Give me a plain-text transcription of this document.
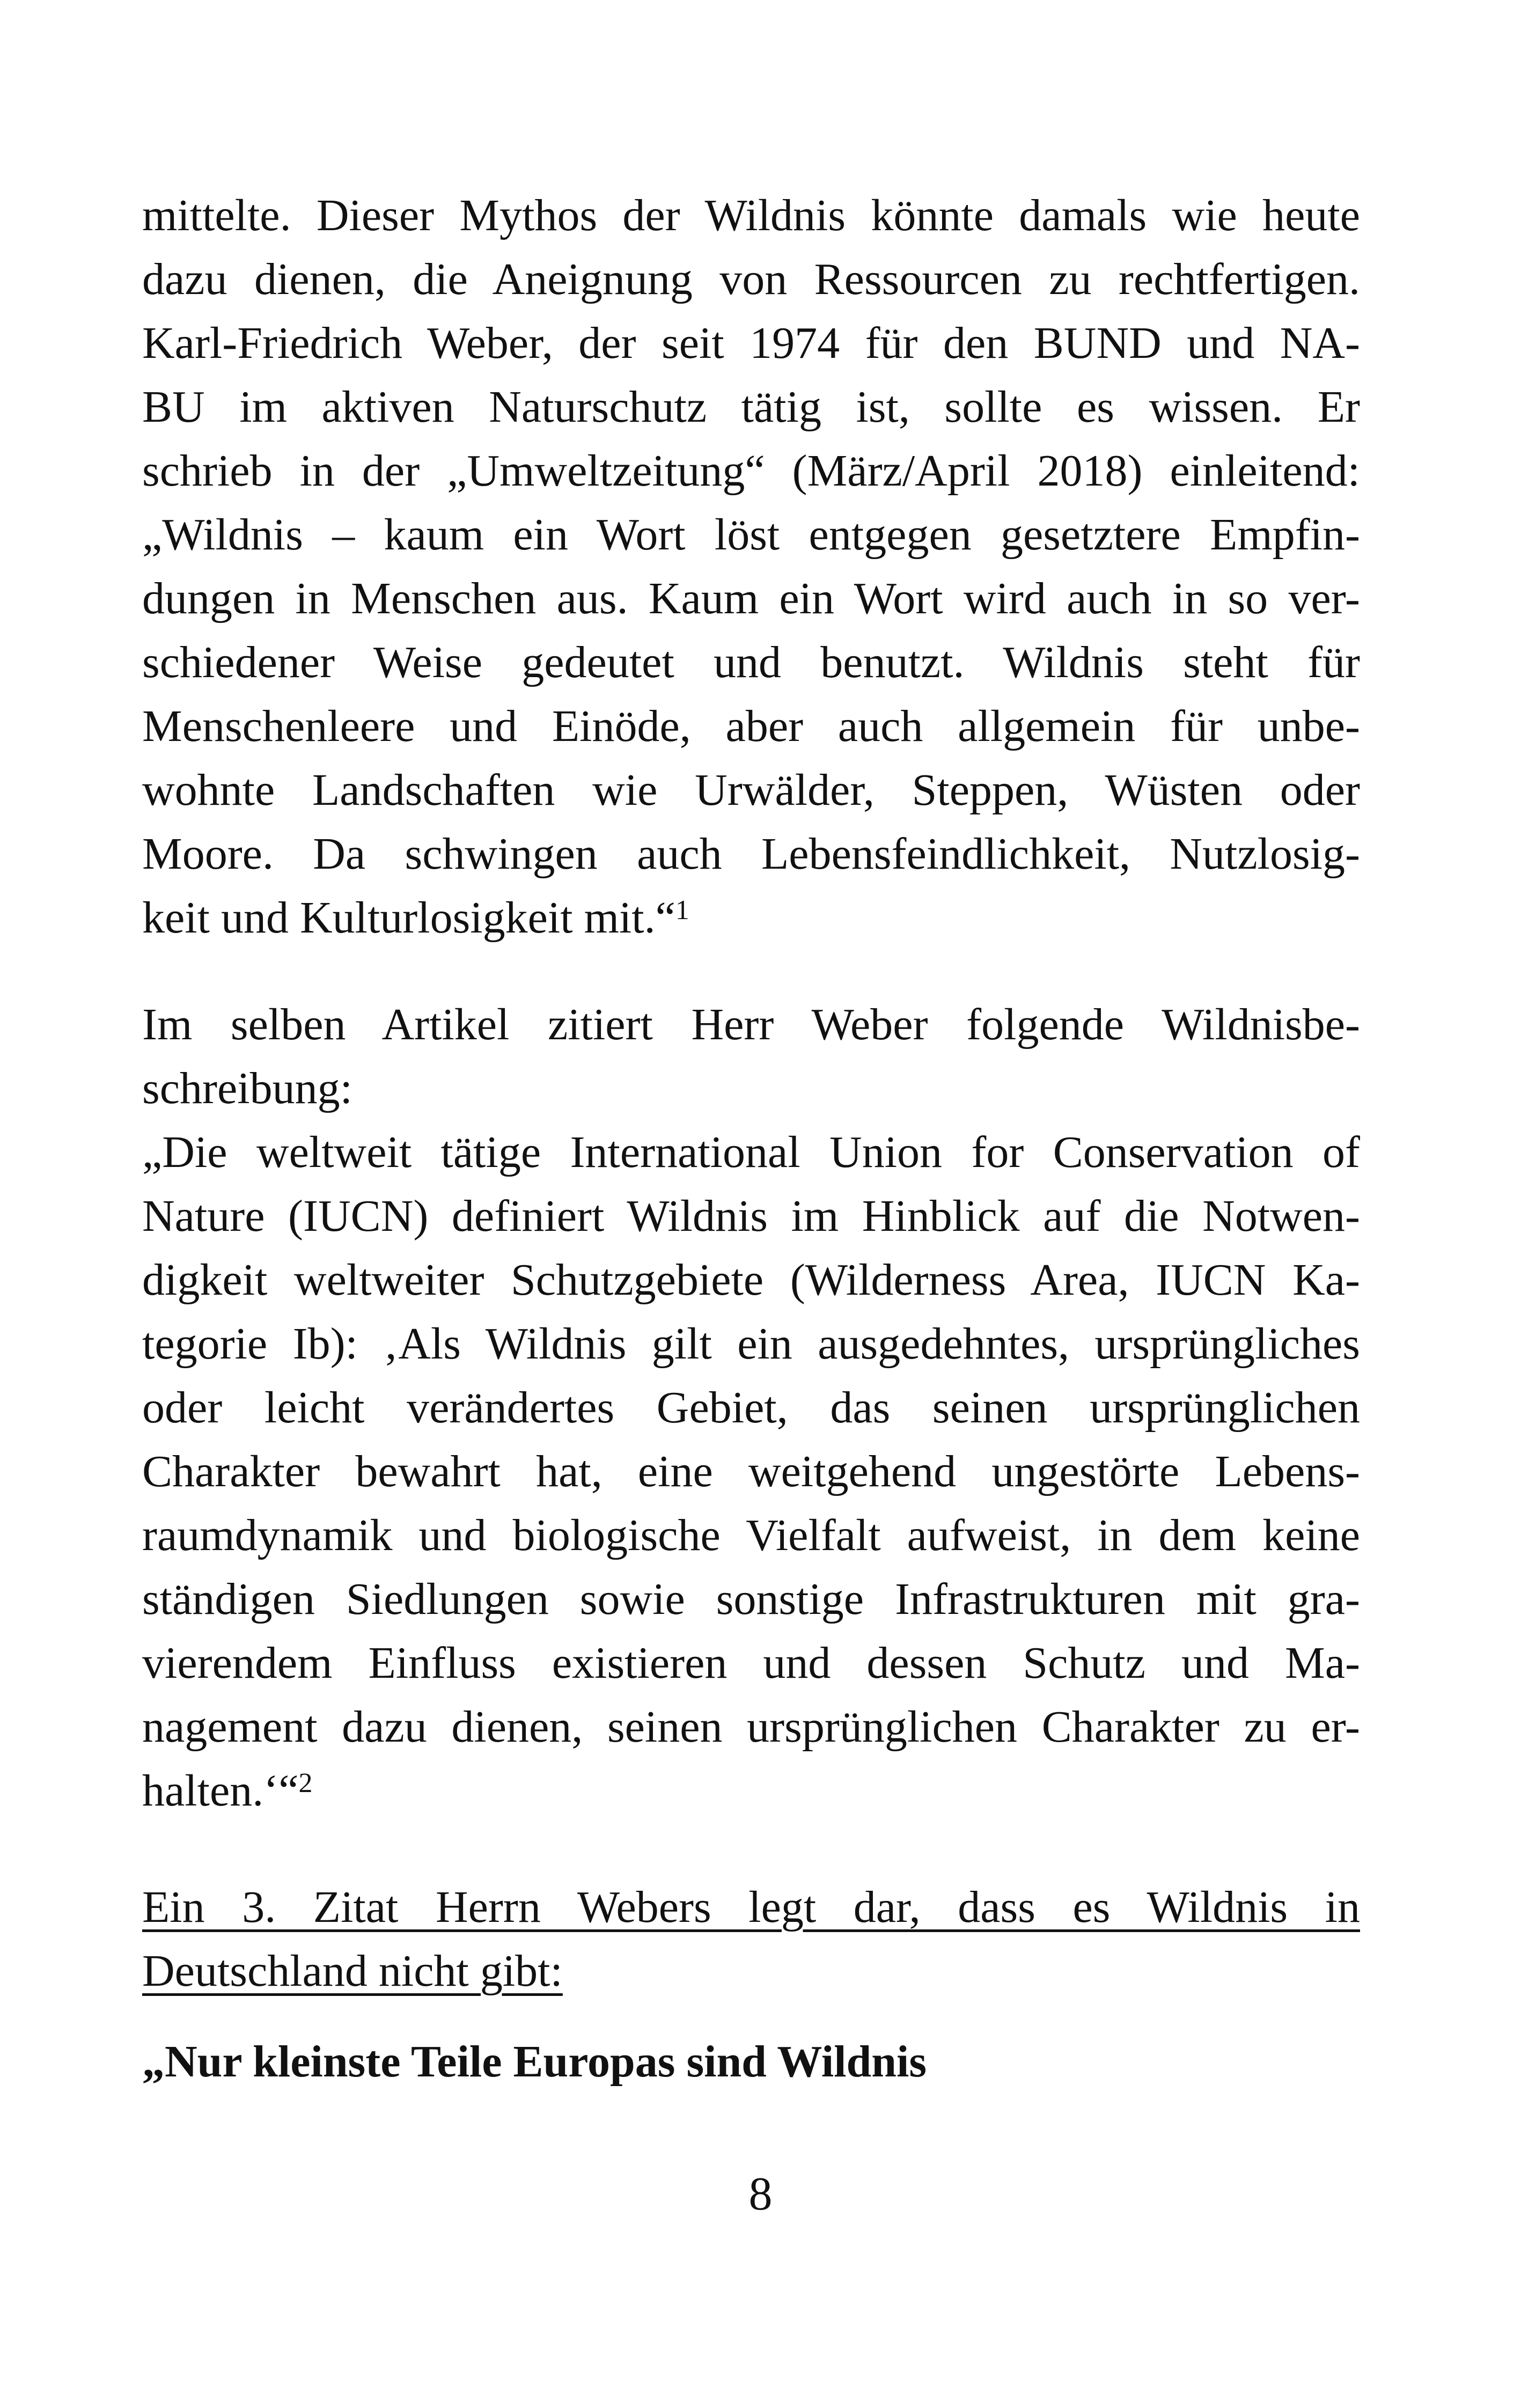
mittelte. Dieser Mythos der Wildnis könnte damals wie heute
dazu dienen, die Aneignung von Ressourcen zu rechtfertigen.
Karl-Friedrich Weber, der seit 1974 für den BUND und NA-
BU im aktiven Naturschutz tätig ist, sollte es wissen. Er
schrieb in der „Umweltzeitung“ (März/April 2018) einleitend:
„Wildnis – kaum ein Wort löst entgegen gesetztere Empfin-
dungen in Menschen aus. Kaum ein Wort wird auch in so ver-
schiedener Weise gedeutet und benutzt. Wildnis steht für
Menschenleere und Einöde, aber auch allgemein für unbe-
wohnte Landschaften wie Urwälder, Steppen, Wüsten oder
Moore. Da schwingen auch Lebensfeindlichkeit, Nutzlosig-
keit und Kulturlosigkeit mit.“$^1$
Im selben Artikel zitiert Herr Weber folgende Wildnisbe-
schreibung:
„Die weltweit tätige International Union for Conservation of
Nature (IUCN) definiert Wildnis im Hinblick auf die Notwen-
digkeit weltweiter Schutzgebiete (Wilderness Area, IUCN Ka-
tegorie Ib): ‚Als Wildnis gilt ein ausgedehntes, ursprüngliches
oder leicht verändertes Gebiet, das seinen ursprünglichen
Charakter bewahrt hat, eine weitgehend ungestörte Lebens-
raumdynamik und biologische Vielfalt aufweist, in dem keine
ständigen Siedlungen sowie sonstige Infrastrukturen mit gra-
vierendem Einfluss existieren und dessen Schutz und Ma-
nagement dazu dienen, seinen ursprünglichen Charakter zu er-
halten.‘“$^2$
Ein 3. Zitat Herrn Webers legt dar, dass es Wildnis in
Deutschland nicht gibt:
„Nur kleinste Teile Europas sind Wildnis
8
